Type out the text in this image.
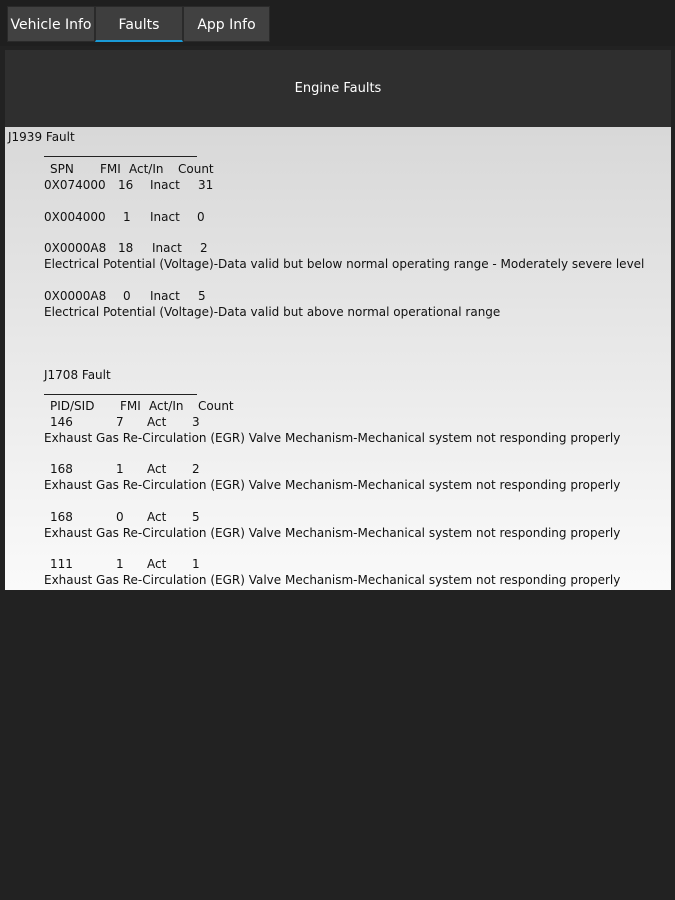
Vehicle Info	Faults	App Info
Engine Faults
J1939 Fault
SPN FMI Act/In Count
0X074000 16 Inact 31
0X004000 1 Inact 0
0X0000A8 18 Inact 2
Electrical Potential (Voltage)-Data valid but below normal operating range - Moderately severe level
0X0000A8 0 Inact 5
Electrical Potential (Voltage)-Data valid but above normal operational range
J1708 Fault
PID/SID FMI Act/In Count
146	7 Act 3
Exhaust Gas Re-Circulation (EGR) Valve Mechanism-Mechanical system not responding properly
168	1 Act 2
Exhaust Gas Re-Circulation (EGR) Valve Mechanism-Mechanical system not responding properly
168	0 Act 5
Exhaust Gas Re-Circulation (EGR) Valve Mechanism-Mechanical system not responding properly
111	1 Act 1
Exhaust Gas Re-Circulation (EGR) Valve Mechanism-Mechanical system not responding properly
